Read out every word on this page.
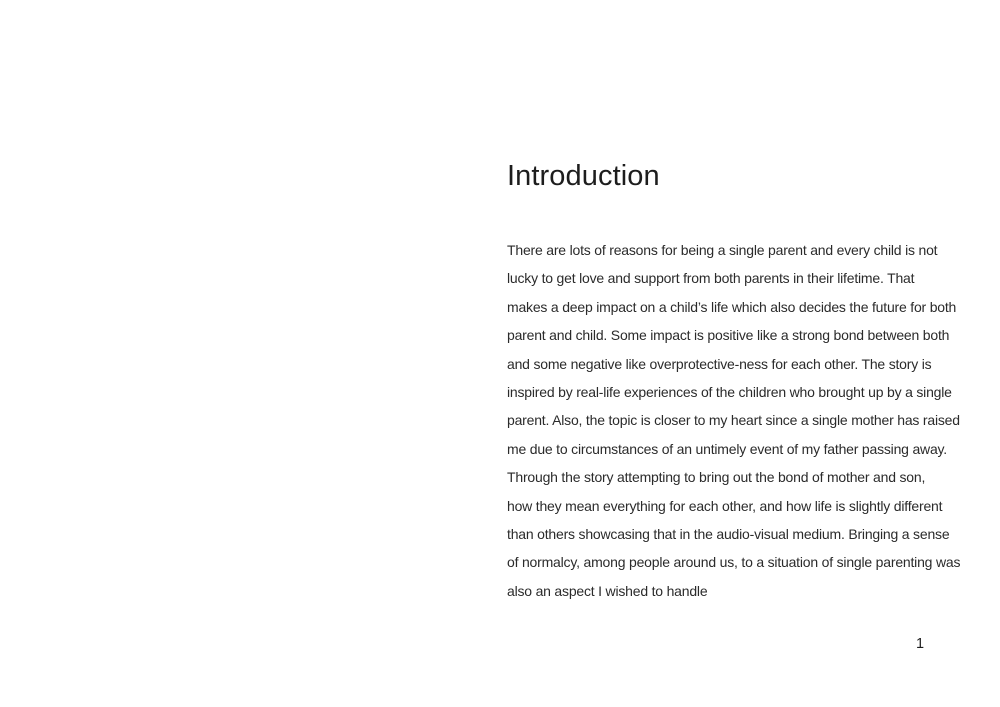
Introduction
There are lots of reasons for being a single parent and every child is not
lucky to get love and support from both parents in their lifetime. That
makes a deep impact on a child’s life which also decides the future for both
parent and child. Some impact is positive like a strong bond between both
and some negative like overprotective-ness for each other. The story is
inspired by real-life experiences of the children who brought up by a single
parent. Also, the topic is closer to my heart since a single mother has raised
me due to circumstances of an untimely event of my father passing away.
Through the story attempting to bring out the bond of mother and son,
how they mean everything for each other, and how life is slightly different
than others showcasing that in the audio-visual medium. Bringing a sense
of normalcy, among people around us, to a situation of single parenting was
also an aspect I wished to handle
1
